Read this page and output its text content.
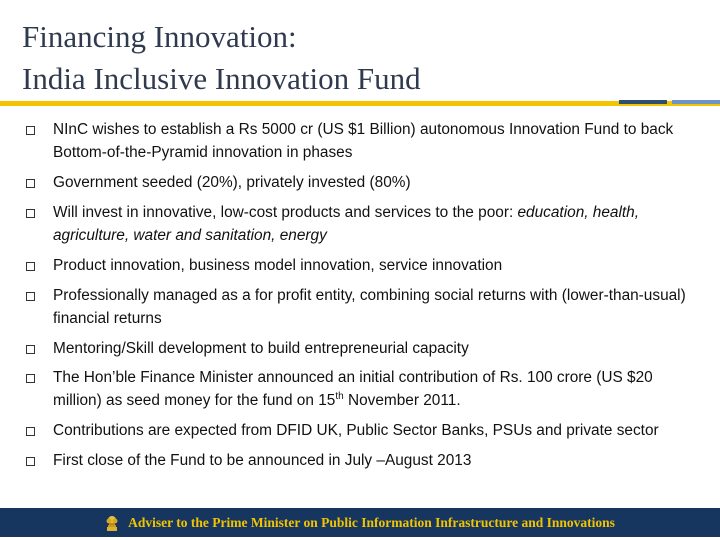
Financing Innovation:
India Inclusive Innovation Fund
NInC wishes to establish a Rs 5000 cr (US $1 Billion) autonomous Innovation Fund to back Bottom-of-the-Pyramid innovation in phases
Government seeded (20%), privately invested (80%)
Will invest in innovative, low-cost products and services to the poor: education, health, agriculture, water and sanitation, energy
Product innovation, business model innovation, service innovation
Professionally managed as a for profit entity, combining social returns with (lower-than-usual) financial returns
Mentoring/Skill development to build entrepreneurial capacity
The Hon’ble Finance Minister announced an initial contribution of Rs. 100 crore (US $20 million) as seed money for the fund on 15th November 2011.
Contributions are expected from DFID UK, Public Sector Banks, PSUs and private sector
First close of the Fund to be announced in July –August 2013
Adviser to the Prime Minister on Public Information Infrastructure and Innovations
